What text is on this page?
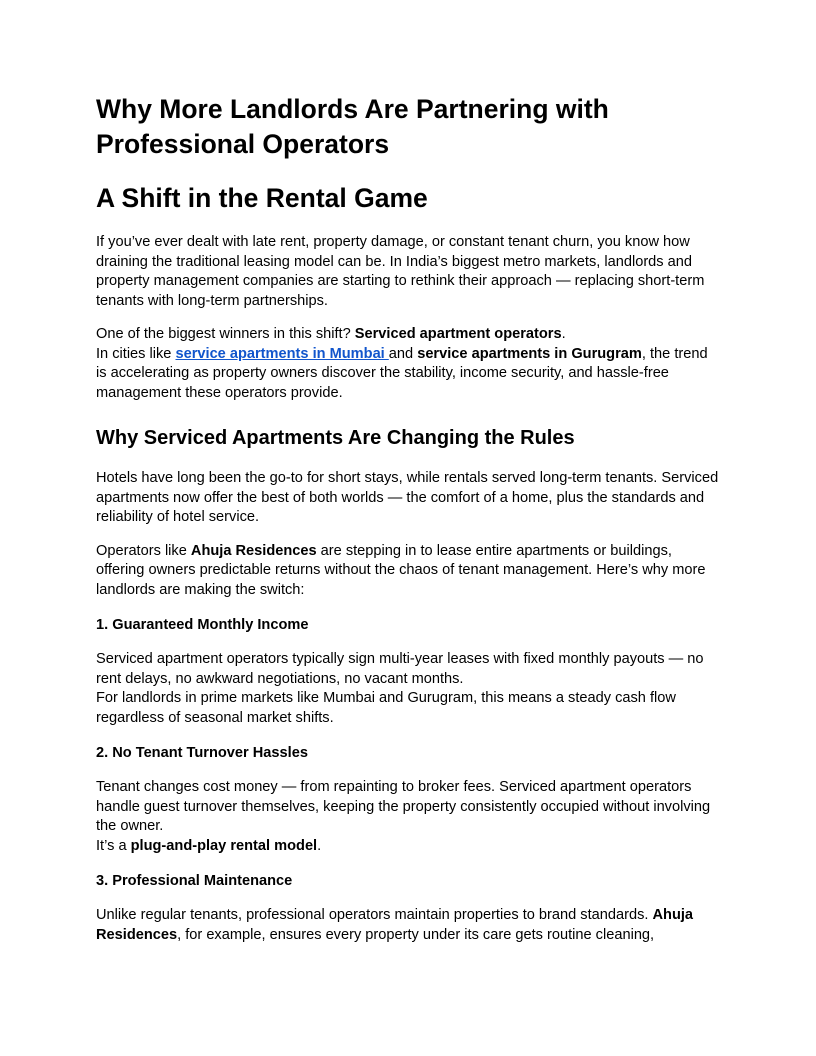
Why More Landlords Are Partnering with Professional Operators
A Shift in the Rental Game

If you’ve ever dealt with late rent, property damage, or constant tenant churn, you know how draining the traditional leasing model can be. In India’s biggest metro markets, landlords and property management companies are starting to rethink their approach — replacing short-term tenants with long-term partnerships.

One of the biggest winners in this shift? Serviced apartment operators.
In cities like service apartments in Mumbai and service apartments in Gurugram, the trend is accelerating as property owners discover the stability, income security, and hassle-free management these operators provide.

Why Serviced Apartments Are Changing the Rules

Hotels have long been the go-to for short stays, while rentals served long-term tenants. Serviced apartments now offer the best of both worlds — the comfort of a home, plus the standards and reliability of hotel service.

Operators like Ahuja Residences are stepping in to lease entire apartments or buildings, offering owners predictable returns without the chaos of tenant management. Here’s why more landlords are making the switch:

1. Guaranteed Monthly Income

Serviced apartment operators typically sign multi-year leases with fixed monthly payouts — no rent delays, no awkward negotiations, no vacant months.
For landlords in prime markets like Mumbai and Gurugram, this means a steady cash flow regardless of seasonal market shifts.

2. No Tenant Turnover Hassles

Tenant changes cost money — from repainting to broker fees. Serviced apartment operators handle guest turnover themselves, keeping the property consistently occupied without involving the owner.
It’s a plug-and-play rental model.

3. Professional Maintenance

Unlike regular tenants, professional operators maintain properties to brand standards. Ahuja Residences, for example, ensures every property under its care gets routine cleaning,
